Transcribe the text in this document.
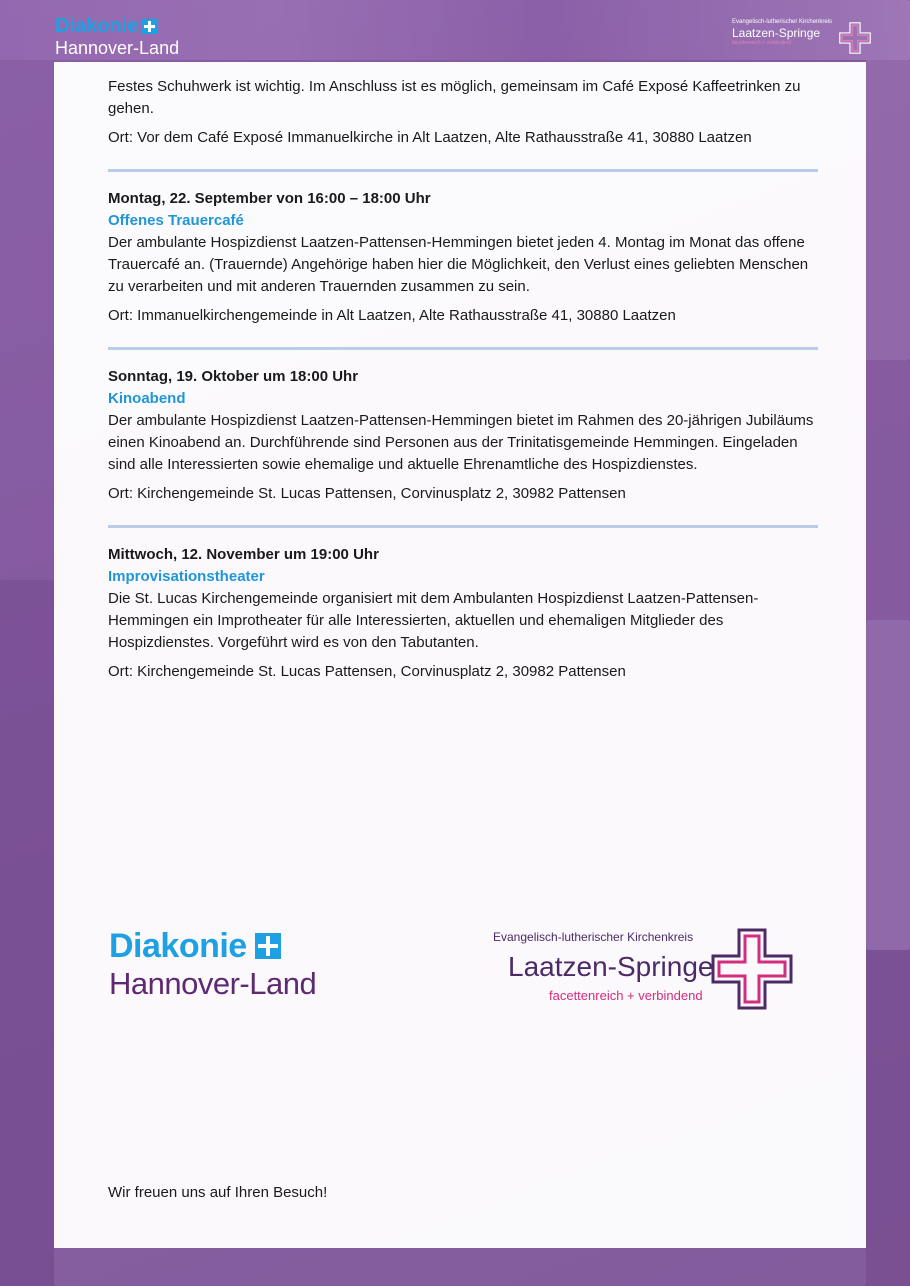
Diakonie
Hannover-Land
Evangelisch-lutherischer Kirchenkreis
Laatzen-Springe
facettenreich + verbindend

Festes Schuhwerk ist wichtig. Im Anschluss ist es möglich, gemeinsam im Café Exposé Kaffeetrinken zu gehen.

Ort: Vor dem Café Exposé Immanuelkirche in Alt Laatzen, Alte Rathausstraße 41, 30880 Laatzen

Montag, 22. September von 16:00 – 18:00 Uhr

Offenes Trauercafé

Der ambulante Hospizdienst Laatzen-Pattensen-Hemmingen bietet jeden 4. Montag im Monat das offene Trauercafé an. (Trauernde) Angehörige haben hier die Möglichkeit, den Verlust eines geliebten Menschen zu verarbeiten und mit anderen Trauernden zusammen zu sein.

Ort: Immanuelkirchengemeinde in Alt Laatzen, Alte Rathausstraße 41, 30880 Laatzen

Sonntag, 19. Oktober um 18:00 Uhr

Kinoabend

Der ambulante Hospizdienst Laatzen-Pattensen-Hemmingen bietet im Rahmen des 20-jährigen Jubiläums einen Kinoabend an. Durchführende sind Personen aus der Trinitatisgemeinde Hemmingen. Eingeladen sind alle Interessierten sowie ehemalige und aktuelle Ehrenamtliche des Hospizdienstes.

Ort: Kirchengemeinde St. Lucas Pattensen, Corvinusplatz 2, 30982 Pattensen

Mittwoch, 12. November um 19:00 Uhr

Improvisationstheater

Die St. Lucas Kirchengemeinde organisiert mit dem Ambulanten Hospizdienst Laatzen-Pattensen-Hemmingen ein Improtheater für alle Interessierten, aktuellen und ehemaligen Mitglieder des Hospizdienstes. Vorgeführt wird es von den Tabutanten.

Ort: Kirchengemeinde St. Lucas Pattensen, Corvinusplatz 2, 30982 Pattensen

Diakonie
Hannover-Land
Evangelisch-lutherischer Kirchenkreis
Laatzen-Springe
facettenreich + verbindend
Wir freuen uns auf Ihren Besuch!
